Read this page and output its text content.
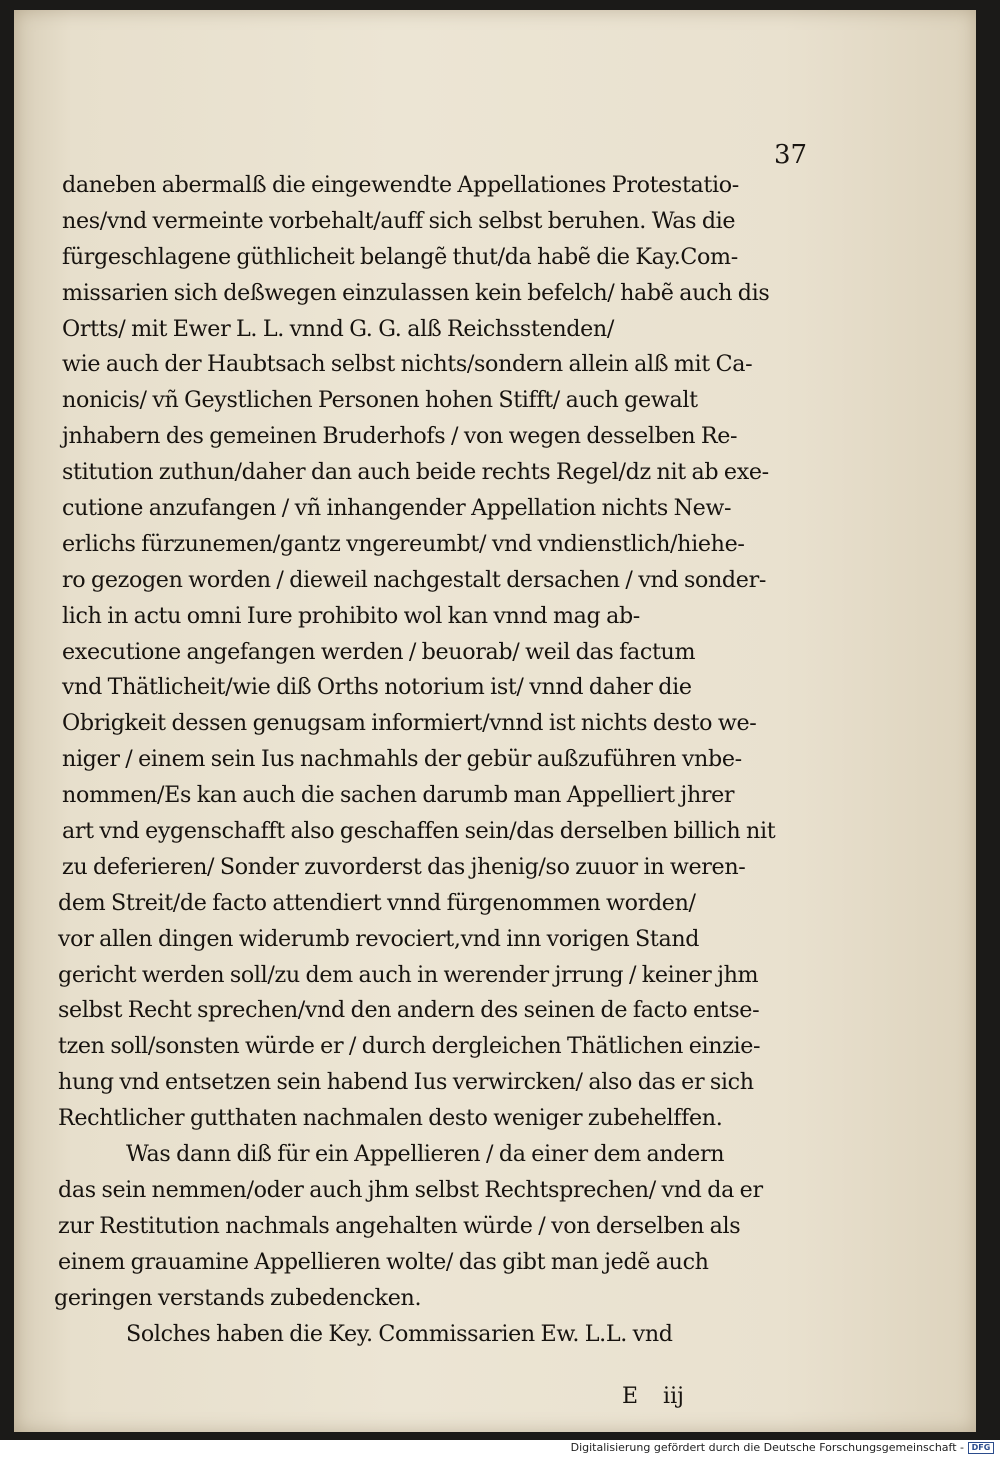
37
daneben abermalß die eingewendte Appellationes Protestatio-
nes/vnd vermeinte vorbehalt/auff sich selbst beruhen. Was die
fürgeschlagene güthlicheit belangẽ thut/da habẽ die Kay.Com-
missarien sich deßwegen einzulassen kein befelch/ habẽ auch dis
Ortts/ mit Ewer L. L. vnnd G. G. alß Reichsstenden/
wie auch der Haubtsach selbst nichts/sondern allein alß mit Ca-
nonicis/ vñ Geystlichen Personen hohen Stifft/ auch gewalt
jnhabern des gemeinen Bruderhofs / von wegen desselben Re-
stitution zuthun/daher dan auch beide rechts Regel/dz nit ab exe-
cutione anzufangen / vñ inhangender Appellation nichts New-
erlichs fürzunemen/gantz vngereumbt/ vnd vndienstlich/hiehe-
ro gezogen worden / dieweil nachgestalt dersachen / vnd sonder-
lich in actu omni Iure prohibito wol kan vnnd mag ab-
executione angefangen werden / beuorab/ weil das factum
vnd Thätlicheit/wie diß Orths notorium ist/ vnnd daher die
Obrigkeit dessen genugsam informiert/vnnd ist nichts desto we-
niger / einem sein Ius nachmahls der gebür außzuführen vnbe-
nommen/Es kan auch die sachen darumb man Appelliert jhrer
art vnd eygenschafft also geschaffen sein/das derselben billich nit
zu deferieren/ Sonder zuvorderst das jhenig/so zuuor in weren-
dem Streit/de facto attendiert vnnd fürgenommen worden/
vor allen dingen widerumb revociert,vnd inn vorigen Stand
gericht werden soll/zu dem auch in werender jrrung / keiner jhm
selbst Recht sprechen/vnd den andern des seinen de facto entse-
tzen soll/sonsten würde er / durch dergleichen Thätlichen einzie-
hung vnd entsetzen sein habend Ius verwircken/ also das er sich
Rechtlicher gutthaten nachmalen desto weniger zubehelffen.
Was dann diß für ein Appellieren / da einer dem andern
das sein nemmen/oder auch jhm selbst Rechtsprechen/ vnd da er
zur Restitution nachmals angehalten würde / von derselben als
einem grauamine Appellieren wolte/ das gibt man jedẽ auch
geringen verstands zubedencken.
Solches haben die Key. Commissarien Ew. L.L. vnd
E iij
Digitalisierung gefördert durch die Deutsche Forschungsgemeinschaft - DFG
